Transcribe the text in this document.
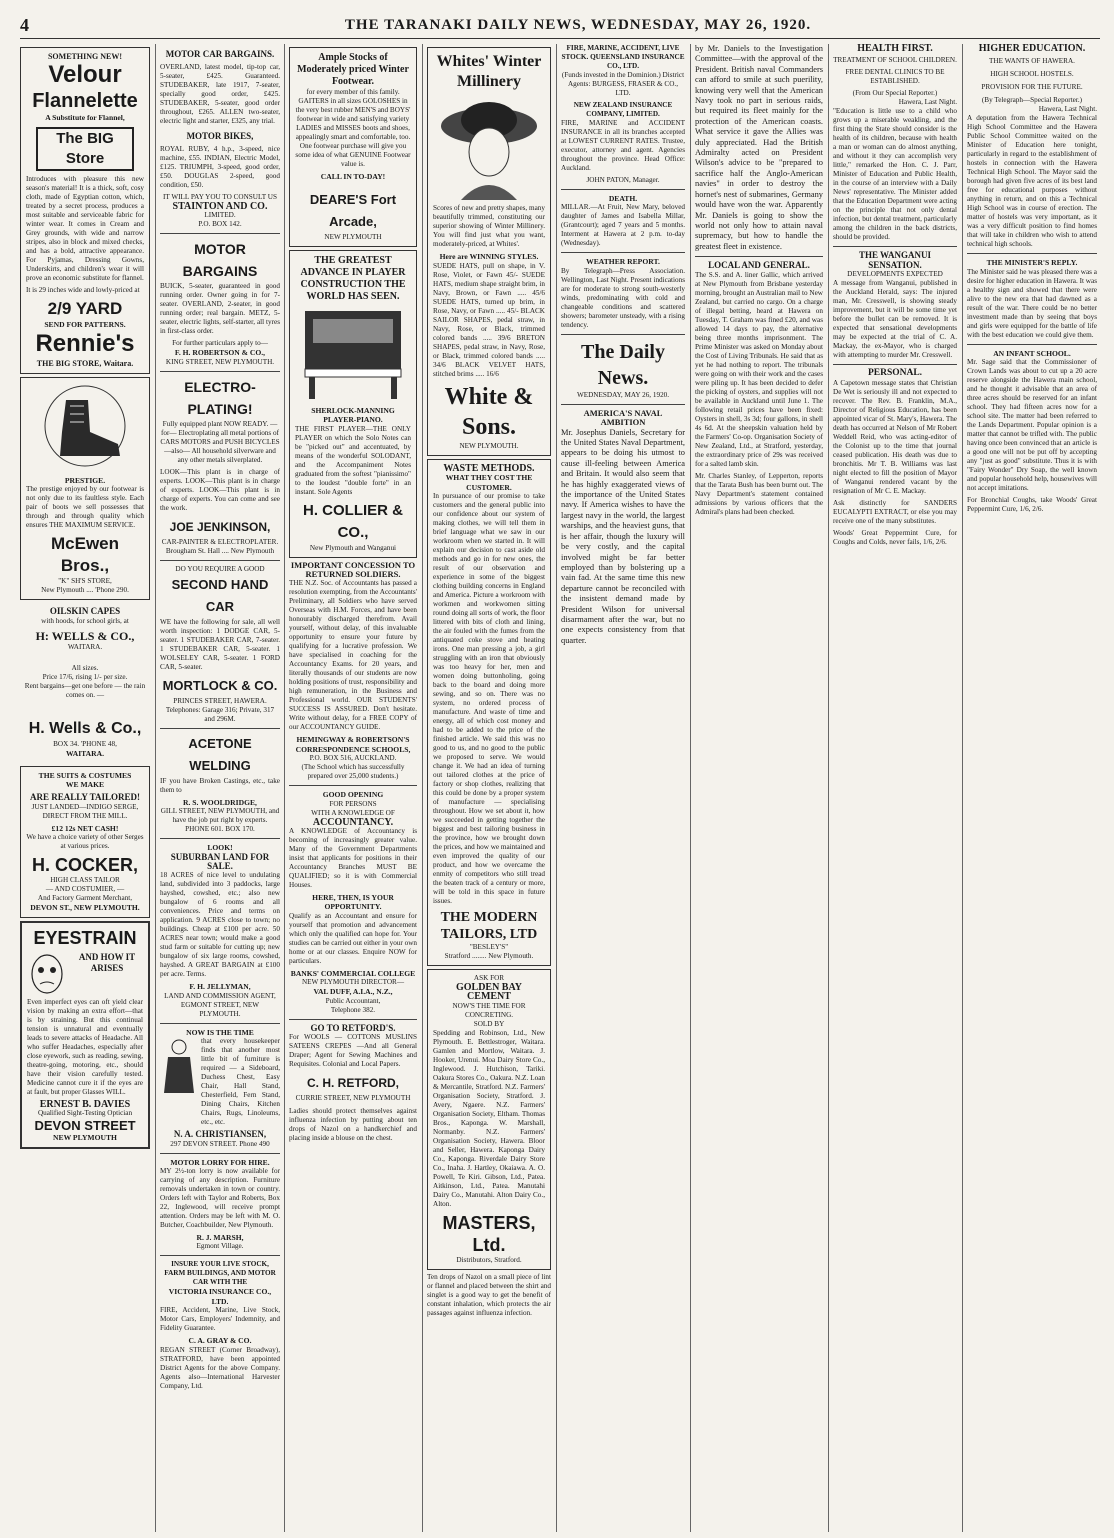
4	THE TARANAKI DAILY NEWS, WEDNESDAY, MAY 26, 1920.
SOMETHING NEW!
Velour
Flannelette
A Substitute for Flannel,
The BIG Store

Introduces with pleasure this new season's material! It is a thick, soft, cosy cloth, made of Egyptian cotton, which, treated by a secret process, produces a most suitable and serviceable fabric for winter wear. It comes in Cream and Grey grounds, with wide and narrow stripes, also in block and mixed checks, and has a bold, attractive appearance. For Pyjamas, Dressing Gowns, Underskirts, and children's wear it will prove an economic substitute for flannel.

It is 29 inches wide and lowly-priced at

2/9 YARD
SEND FOR PATTERNS.
Rennie's
THE BIG STORE, Waitara.
PRESTIGE.

The prestige enjoyed by our footwear is not only due to its faultless style. Each pair of boots we sell possesses that through and through quality which ensures THE MAXIMUM SERVICE.

McEwen Bros.,
"K" SH'S STORE,
New Plymouth .... 'Phone 290.
OILSKIN CAPES
with hoods, for school girls, at
H: WELLS & CO.,
WAITARA.
All sizes.
Price 17/6, rising 1/- per size.
Rent bargains—get one before — the rain comes on. —
H. Wells & Co.,
BOX 34. 'PHONE 48,
WAITARA.
THE SUITS & COSTUMES
WE MAKE
ARE REALLY TAILORED!

JUST LANDED—INDIGO SERGE, DIRECT FROM THE MILL.

£12 12s NET CASH!

We have a choice variety of other Serges at various prices.

H. COCKER,
HIGH CLASS TAILOR
— AND COSTUMIER, —
And Factory Garment Merchant,
DEVON ST., NEW PLYMOUTH.
EYESTRAIN
AND HOW IT ARISES

Even imperfect eyes can oft yield clear vision by making an extra effort—that is by straining. But this continual tension is unnatural and eventually leads to severe attacks of Headache. All who suffer Headaches, especially after close eyework, such as reading, sewing, theatre-going, motoring, etc., should have their vision carefully tested. Medicine cannot cure it if the eyes are at fault, but proper Glasses WILL.

ERNEST B. DAVIES
Qualified Sight-Testing Optician
DEVON STREET
NEW PLYMOUTH
MOTOR CAR BARGAINS.

OVERLAND, latest model, tip-top car, 5-seater, £425. Guaranteed. STUDEBAKER, late 1917, 7-seater, specially good order, £425. STUDEBAKER, 5-seater, good order throughout, £265. ALLEN two-seater, electric light and starter, £325, any trial.

MOTOR BIKES,

ROYAL RUBY, 4 h.p., 3-speed, nice machine, £55. INDIAN, Electric Model, £125. TRIUMPH, 3-speed, good order, £50. DOUGLAS 2-speed, good condition, £50.

IT WILL PAY YOU TO CONSULT US
STAINTON AND CO.
LIMITED.
P.O. BOX 142.
MOTOR BARGAINS

BUICK, 5-seater, guaranteed in good running order. Owner going in for 7-seater. OVERLAND, 2-seater, in good running order; real bargain. METZ, 5-seater, electric lights, self-starter, all tyres in first-class order.

For further particulars apply to—
F. H. ROBERTSON & CO.,
KING STREET, NEW PLYMOUTH.
ELECTRO-PLATING!

Fully equipped plant NOW READY. —for— Electroplating all metal portions of CARS MOTORS and PUSH BICYCLES —also— All household silverware and any other metals silverplated.

LOOK—This plant is in charge of experts. LOOK—This plant is in charge of experts. LOOK—This plant is in charge of experts. You can come and see the work.

JOE JENKINSON,
CAR-PAINTER & ELECTROPLATER.
Brougham St. Hall .... New Plymouth
DO YOU REQUIRE A GOOD
SECOND HAND CAR

WE have the following for sale, all well worth inspection: 1 DODGE CAR, 5-seater. 1 STUDEBAKER CAR, 7-seater. 1 STUDEBAKER CAR, 5-seater. 1 WOLSELEY CAR, 5-seater. 1 FORD CAR, 5-seater.

MORTLOCK & CO.
PRINCES STREET, HAWERA.
Telephones: Garage 316; Private, 317 and 296M.
ACETONE WELDING

IF you have Broken Castings, etc., take them to

R. S. WOOLDRIDGE,

GILL STREET, NEW PLYMOUTH, and have the job put right by experts. PHONE 601. BOX 170.

LOOK!
SUBURBAN LAND FOR SALE.

18 ACRES of nice level to undulating land, subdivided into 3 paddocks, large hayshed, cowshed, etc.; also new bungalow of 6 rooms and all conveniences. Price and terms on application. 9 ACRES close to town; no buildings. Cheap at £100 per acre. 50 ACRES near town; would make a good stud farm or suitable for cutting up; new bungalow of six large rooms, cowshed, hayshed. A GREAT BARGAIN at £100 per acre. Terms.

F. H. JELLYMAN,
LAND AND COMMISSION AGENT, EGMONT STREET, NEW PLYMOUTH.
NOW IS THE TIME

that every housekeeper finds that another most little bit of furniture is required — a Sideboard, Duchess Chest, Easy Chair, Hall Stand, Chesterfield, Fern Stand, Dining Chairs, Kitchen Chairs, Rugs, Linoleums, etc., etc.

N. A. CHRISTIANSEN,
297 DEVON STREET. Phone 490
MOTOR LORRY FOR HIRE.

MY 2½-ton lorry is now available for carrying of any description. Furniture removals undertaken in town or country. Orders left with Taylor and Roberts, Box 22, Inglewood, will receive prompt attention. Orders may be left with M. O. Butcher, Coachbuilder, New Plymouth.

R. J. MARSH,
Egmont Village.
INSURE YOUR LIVE STOCK, FARM BUILDINGS, AND MOTOR CAR WITH THE
VICTORIA INSURANCE CO., LTD.

FIRE, Accident, Marine, Live Stock, Motor Cars, Employers' Indemnity, and Fidelity Guarantee.

C. A. GRAY & CO.

REGAN STREET (Corner Broadway), STRATFORD, have been appointed District Agents for the above Company. Agents also—International Harvester Company, Ltd.

Ample Stocks of Moderately priced Winter Footwear.

for every member of this family. GAITERS in all sizes GOLOSHES in the very best rubber MEN'S and BOYS' footwear in wide and satisfying variety LADIES and MISSES boots and shoes, appealingly smart and comfortable, too. One footwear purchase will give you some idea of what GENUINE Footwear value is.

CALL IN TO-DAY!
DEARE'S Fort Arcade,
NEW PLYMOUTH
THE GREATEST ADVANCE IN PLAYER CONSTRUCTION THE WORLD HAS SEEN.
SHERLOCK-MANNING PLAYER-PIANO.

THE FIRST PLAYER—THE ONLY PLAYER on which the Solo Notes can be "picked out" and accentuated, by means of the wonderful SOLODANT, and the Accompaniment Notes graduated from the softest "pianissimo" to the loudest "double forte" in an instant. Sole Agents

H. COLLIER & CO.,
New Plymouth and Wanganui
IMPORTANT CONCESSION TO RETURNED SOLDIERS.

THE N.Z. Soc. of Accountants has passed a resolution exempting, from the Accountants' Preliminary, all Soldiers who have served Overseas with H.M. Forces, and have been honourably discharged therefrom. Avail yourself, without delay, of this invaluable opportunity to ensure your future by qualifying for a lucrative profession. We have specialised in coaching for the Accountancy Exams. for 20 years, and literally thousands of our students are now holding positions of trust, responsibility and high remuneration, in the Business and Professional world. OUR STUDENTS' SUCCESS IS ASSURED. Don't hesitate. Write without delay, for a FREE COPY of our ACCOUNTANCY GUIDE.

HEMINGWAY & ROBERTSON'S CORRESPONDENCE SCHOOLS,
P.O. BOX 516, AUCKLAND.
(The School which has successfully prepared over 25,000 students.)
GOOD OPENING
FOR PERSONS
WITH A KNOWLEDGE OF
ACCOUNTANCY.

A KNOWLEDGE of Accountancy is becoming of increasingly greater value. Many of the Government Departments insist that applicants for positions in their Accountancy Branches MUST BE QUALIFIED; so it is with Commercial Houses.

HERE, THEN, IS YOUR OPPORTUNITY.

Qualify as an Accountant and ensure for yourself that promotion and advancement which only the qualified can hope for. Your studies can be carried out either in your own home or at our classes. Enquire NOW for particulars.

BANKS' COMMERCIAL COLLEGE
NEW PLYMOUTH DIRECTOR—
VAL DUFF, A.I.A., N.Z.,
Public Accountant,
Telephone 382.
GO TO RETFORD'S.

For WOOLS — COTTONS MUSLINS SATEENS CREPES —And all General Draper; Agent for Sewing Machines and Requisites. Colonial and Local Papers.

C. H. RETFORD,
CURRIE STREET, NEW PLYMOUTH

Ladies should protect themselves against influenza infection by putting about ten drops of Nazol on a handkerchief and placing inside a blouse on the chest.

Whites' Winter Millinery

Scores of new and pretty shapes, many beautifully trimmed, constituting our superior showing of Winter Millinery. You will find just what you want, moderately-priced, at Whites'.

Here are WINNING STYLES.

SUEDE HATS, pull on shape, in V. Rose, Violet, or Fawn 45/- SUEDE HATS, medium shape straight brim, in Navy, Brown, or Fawn ..... 45/6 SUEDE HATS, turned up brim, in Rose, Navy, or Fawn ..... 45/- BLACK SAILOR SHAPES, pedal straw, in Navy, Rose, or Black, trimmed colored bands ..... 39/6 BRETON SHAPES, pedal straw, in Navy, Rose, or Black, trimmed colored bands ..... 34/6 BLACK VELVET HATS, stitched brims ..... 16/6

White & Sons.
NEW PLYMOUTH.
WASTE METHODS.
WHAT THEY COST THE CUSTOMER.

In pursuance of our promise to take customers and the general public into our confidence about our system of making clothes, we will tell them in brief language what we saw in our workroom when we started in. It will explain our decision to cast aside old methods and go in for new ones, the result of our observation and experience in some of the biggest clothing building concerns in England and America. Picture a workroom with workmen and workwomen sitting round doing all sorts of work, the floor littered with bits of cloth and lining, the air fouled with the fumes from the antiquated coke stove and heating irons. One man pressing a job, a girl struggling with an iron that obviously was too heavy for her, men and women doing buttonholing, going back to the board and doing more sewing, and so on. There was no system, no ordered process of manufacture. And waste of time and energy, all of which cost money and had to be added to the price of the finished article. We said this was no good to us, and no good to the public we proposed to serve. We would change it. We had an idea of turning out tailored clothes at the price of factory or shop clothes, realizing that this could be done by a proper system of manufacture — specialising throughout. How we set about it, how we succeeded in getting together the biggest and best tailoring business in the province, how we brought down the prices, and how we maintained and even improved the quality of our product, and how we overcame the enmity of competitors who still tread the beaten track of a century or more, will be told in this space in future issues.

THE MODERN TAILORS, LTD
"BESLEY'S"
Stratford ........ New Plymouth.
ASK FOR
GOLDEN BAY CEMENT
NOW'S THE TIME FOR CONCRETING.
SOLD BY

Spedding and Robinson, Ltd., New Plymouth. E. Bettlestroger, Waitara. Gamlen and Mortlow, Waitara. J. Hooker, Urenui. Moa Dairy Store Co., Inglewood. J. Hutchison, Tariki. Oakura Stores Co., Oakura. N.Z. Loan & Mercantile, Stratford. N.Z. Farmers' Organisation Society, Stratford. J. Avery, Ngaere. N.Z. Farmers' Organisation Society, Eltham. Thomas Bros., Kaponga. W. Marshall, Normanby. N.Z. Farmers' Organisation Society, Hawera. Bloor and Seller, Hawera. Kaponga Dairy Co., Kaponga. Riverdale Dairy Store Co., Inaha. J. Hartley, Okaiawa. A. O. Powell, Te Kiri. Gibson, Ltd., Patea. Aitkinson, Ltd., Patea. Manutahi Dairy Co., Manutahi. Alton Dairy Co., Alton.

MASTERS, Ltd.
Distributors, Stratford.

Ten drops of Nazol on a small piece of lint or flannel and placed between the shirt and singlet is a good way to get the benefit of constant inhalation, which protects the air passages against influenza infection.

FIRE, MARINE, ACCIDENT, LIVE STOCK. QUEENSLAND INSURANCE CO., LTD.
(Funds invested in the Dominion.) District Agents: BURGESS, FRASER & CO., LTD.
NEW ZEALAND INSURANCE COMPANY, LIMITED.

FIRE, MARINE and ACCIDENT INSURANCE in all its branches accepted at LOWEST CURRENT RATES. Trustee, executor, attorney and agent. Agencies throughout the province. Head Office: Auckland.

JOHN PATON, Manager.
DEATH.

MILLAR.—At Fruit, New Mary, beloved daughter of James and Isabella Millar, (Grantcourt); aged 7 years and 5 months. Interment at Hawera at 2 p.m. to-day (Wednesday).

WEATHER REPORT.

By Telegraph—Press Association. Wellington, Last Night. Present indications are for moderate to strong south-westerly winds, predominating with cold and changeable conditions and scattered showers; barometer unsteady, with a rising tendency.

The Daily News.
WEDNESDAY, MAY 26, 1920.
AMERICA'S NAVAL AMBITION

Mr. Josephus Daniels, Secretary for the United States Naval Department, appears to be doing his utmost to cause ill-feeling between America and Britain. It would also seem that he has highly exaggerated views of the importance of the United States navy. If America wishes to have the largest navy in the world, the largest warships, and the heaviest guns, that is her affair, though the luxury will be very costly, and the capital involved might be far better employed than by bolstering up a vain fad. At the same time this new departure cannot be reconciled with the insistent demand made by President Wilson for universal disarmament after the war, but no one expects consistency from that quarter.

by Mr. Daniels to the Investigation Committee—with the approval of the President. British naval Commanders can afford to smile at such puerility, knowing very well that the American Navy took no part in serious raids, but required its fleet mainly for the protection of the American coasts. What service it gave the Allies was duly appreciated. Had the British Admiralty acted on President Wilson's advice to be "prepared to sacrifice half the Anglo-American navies" in order to destroy the hornet's nest of submarines, Germany would have won the war. Apparently Mr. Daniels is going to show the world not only how to attain naval supremacy, but how to handle the greatest fleet in existence.

LOCAL AND GENERAL.

The S.S. and A. liner Gallic, which arrived at New Plymouth from Brisbane yesterday morning, brought an Australian mail to New Zealand, but carried no cargo. On a charge of illegal betting, heard at Hawera on Tuesday, T. Graham was fined £20, and was allowed 14 days to pay, the alternative being three months imprisonment. The Prime Minister was asked on Monday about the Cost of Living Tribunals. He said that as yet he had nothing to report. The tribunals were going on with their work and the cases were piling up. It has been decided to defer the picking of oysters, and supplies will not be available in Auckland until June 1. The following retail prices have been fixed: Oysters in shell, 3s 3d; four gallons, in shell 4s 6d. At the sheepskin valuation held by the Farmers' Co-op. Organisation Society of New Zealand, Ltd., at Stratford, yesterday, the extraordinary price of 29s was received for a salted lamb skin.

Mr. Charles Stanley, of Lepperton, reports that the Tarata Bush has been burnt out. The Navy Department's statement contained admissions by various officers that the Admiral's plans had been checked.

HEALTH FIRST.
TREATMENT OF SCHOOL CHILDREN.
FREE DENTAL CLINICS TO BE ESTABLISHED.
(From Our Special Reporter.)
Hawera, Last Night.

"Education is little use to a child who grows up a miserable weakling, and the first thing the State should consider is the health of its children, because with health a man or woman can do almost anything, and without it they can accomplish very little," remarked the Hon. C. J. Parr, Minister of Education and Public Health, in the course of an interview with a Daily News' representative. The Minister added that the Education Department were acting on the principle that not only dental infection, but dental treatment, particularly among the children in the back districts, should be provided.

THE WANGANUI SENSATION.
DEVELOPMENTS EXPECTED

A message from Wanganui, published in the Auckland Herald, says: The injured man, Mr. Cresswell, is showing steady improvement, but it will be some time yet before the bullet can be removed. It is expected that sensational developments may be expected at the trial of C. A. Mackay, the ex-Mayor, who is charged with attempting to murder Mr. Cresswell.

PERSONAL.

A Capetown message states that Christian De Wet is seriously ill and not expected to recover. The Rev. B. Franklin, M.A., Director of Religious Education, has been appointed vicar of St. Mary's, Hawera. The death has occurred at Nelson of Mr Robert Weddell Reid, who was acting-editor of the Colonist up to the time that journal ceased publication. His death was due to bronchitis. Mr T. B. Williams was last night elected to fill the position of Mayor of Wanganui rendered vacant by the resignation of Mr C. E. Mackay.

Ask distinctly for SANDERS EUCALYPTI EXTRACT, or else you may receive one of the many substitutes.

Woods' Great Peppermint Cure, for Coughs and Colds, never fails, 1/6, 2/6.

HIGHER EDUCATION.
THE WANTS OF HAWERA.
HIGH SCHOOL HOSTELS.
PROVISION FOR THE FUTURE.
(By Telegraph—Special Reporter.)
Hawera, Last Night.

A deputation from the Hawera Technical High School Committee and the Hawera Public School Committee waited on the Minister of Education here tonight, particularly in regard to the establishment of hostels in connection with the Hawera Technical High School. The Mayor said the borough had given five acres of its best land free for educational purposes without anything in return, and on this a Technical High School was in course of erection. The matter of hostels was very important, as it was a very difficult position to find homes that will take in children who wish to attend technical high schools.

THE MINISTER'S REPLY.

The Minister said he was pleased there was a desire for higher education in Hawera. It was a healthy sign and showed that there were alive to the new era that had dawned as a result of the war. There could be no better investment made than by seeing that boys and girls were equipped for the battle of life with the best education we could give them.

AN INFANT SCHOOL.

Mr. Sage said that the Commissioner of Crown Lands was about to cut up a 20 acre reserve alongside the Hawera main school, and he thought it advisable that an area of three acres should be reserved for an infant school. They had fifteen acres now for a school site. The matter had been referred to the Lands Department. Popular opinion is a matter that cannot be trifled with. The public having once been convinced that an article is a good one will not be put off by accepting any "just as good" substitute. Thus it is with "Fairy Wonder" Dry Soap, the well known and popular household help, housewives will not accept imitations.

For Bronchial Coughs, take Woods' Great Peppermint Cure, 1/6, 2/6.
